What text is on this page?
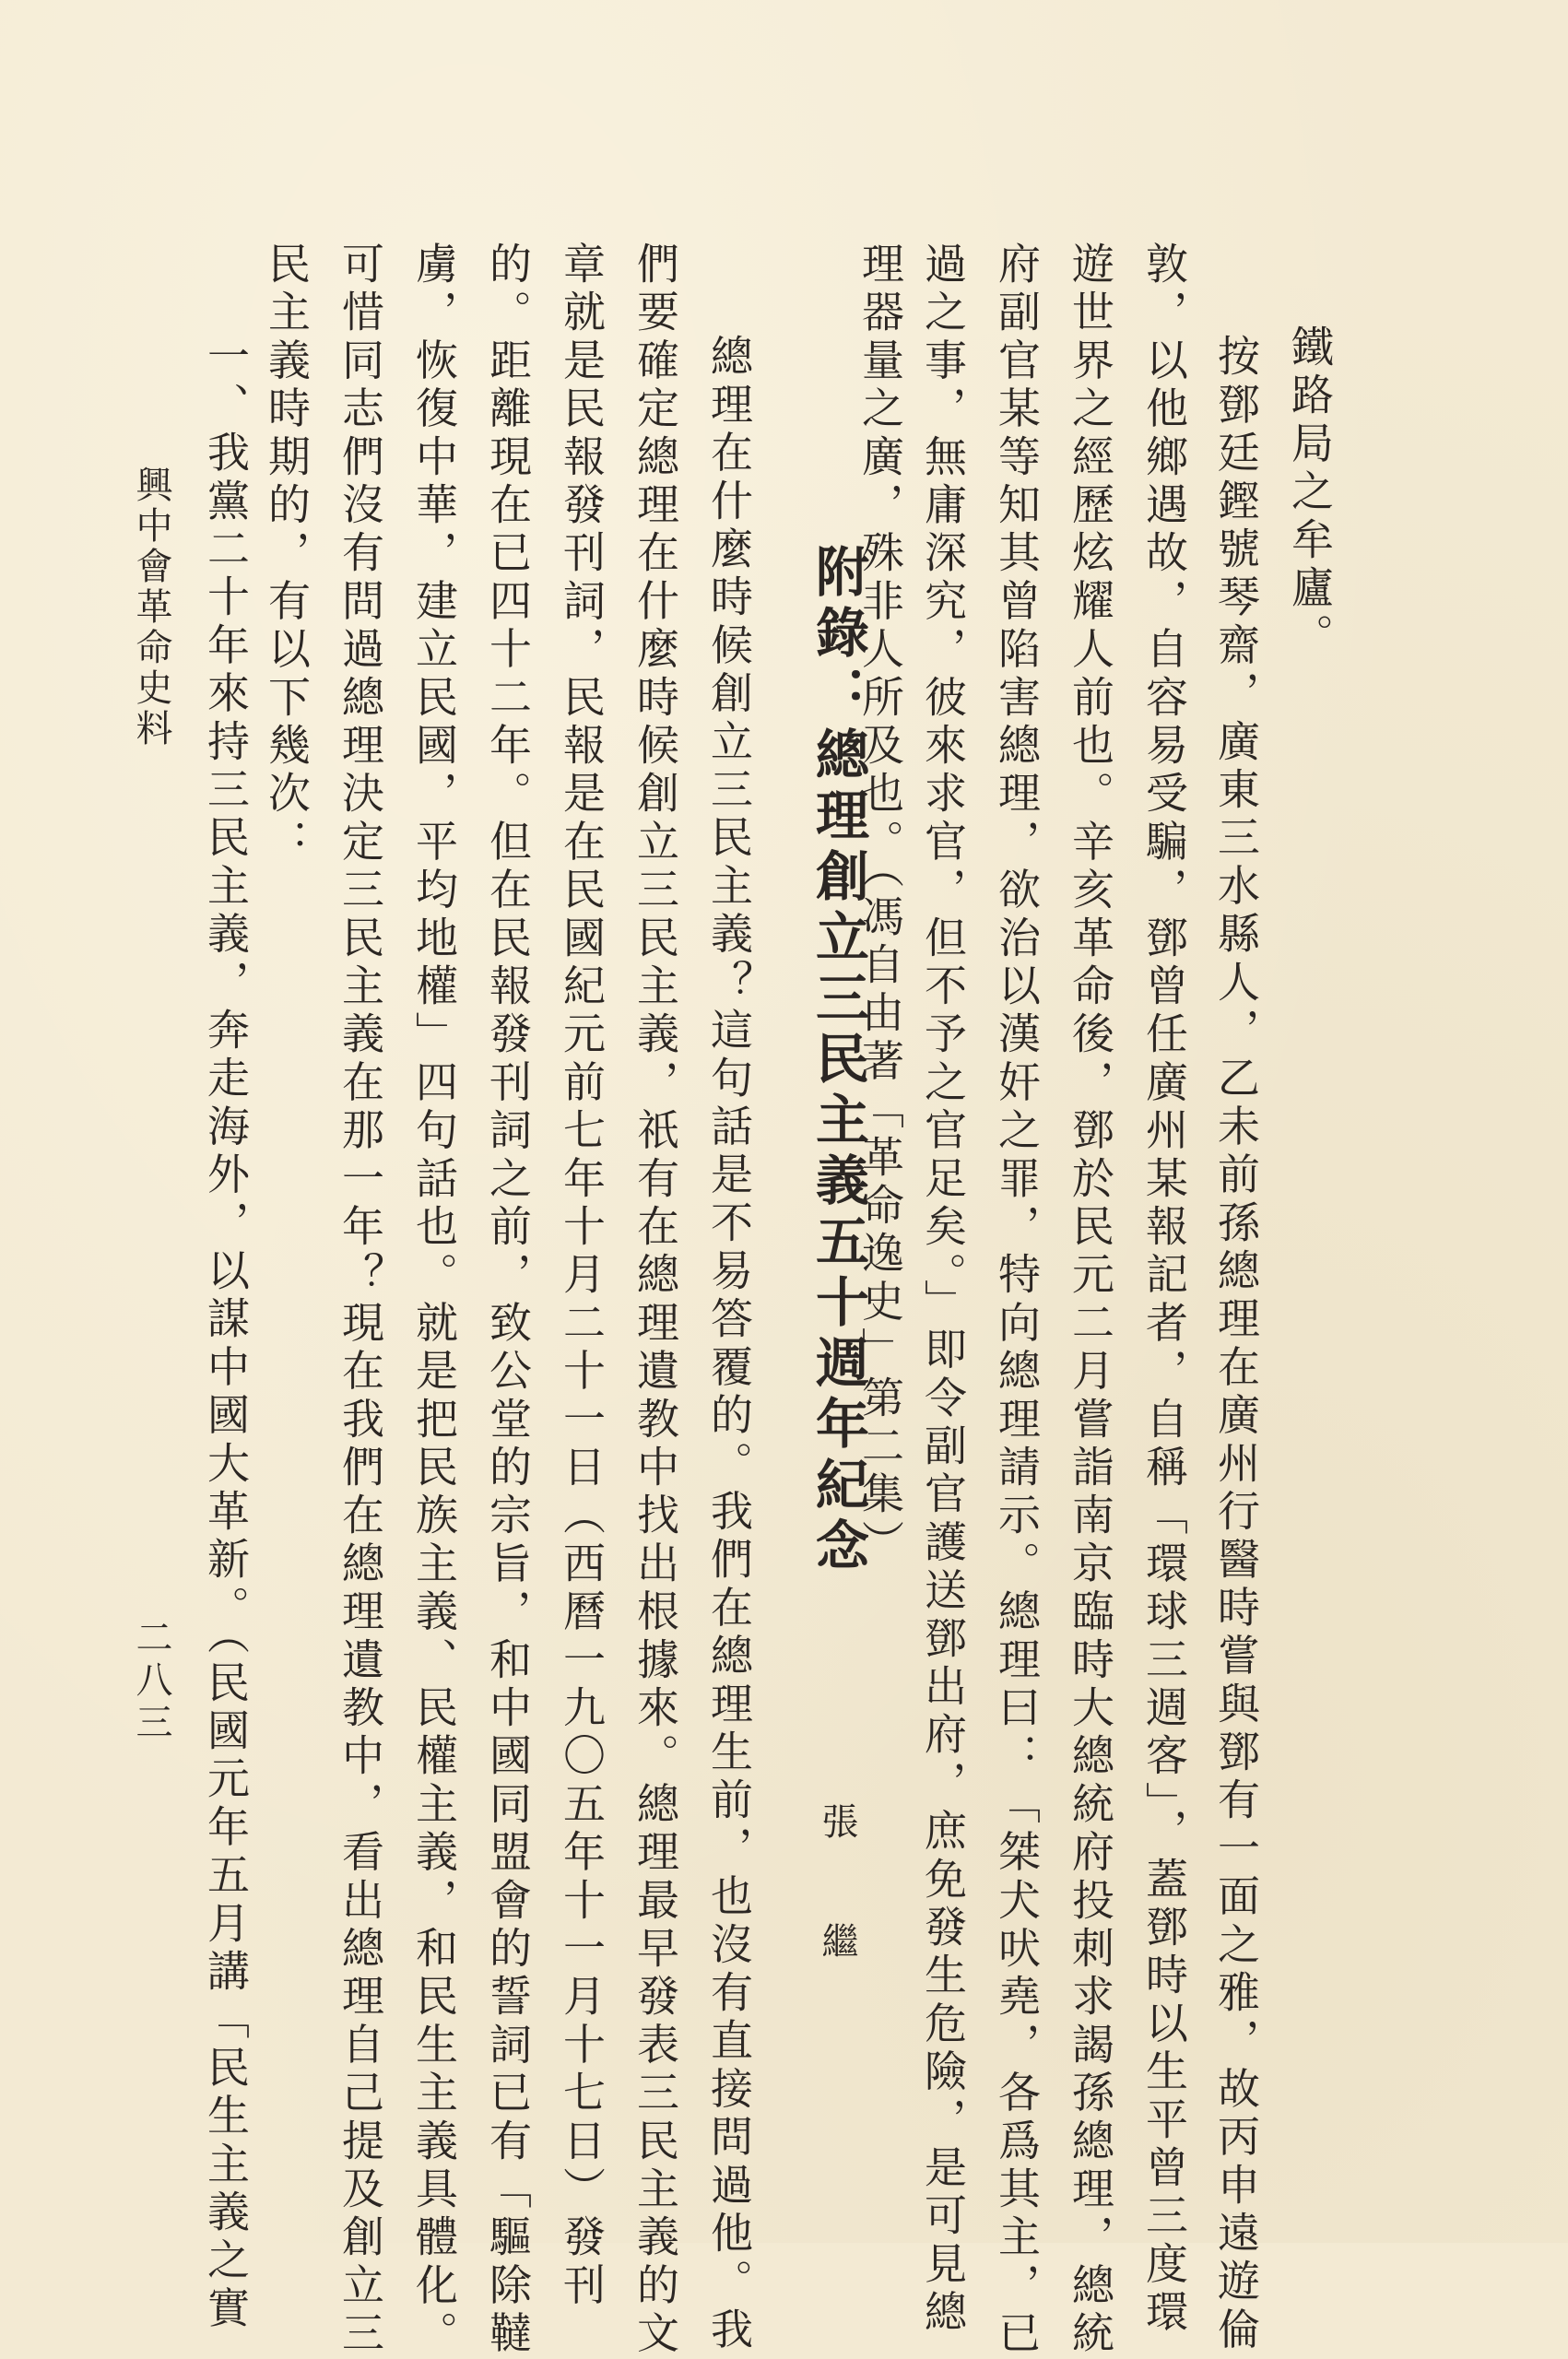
鐵路局之牟廬。
　按鄧廷鏗號琴齋，廣東三水縣人，乙未前孫總理在廣州行醫時嘗與鄧有一面之雅，故丙申遠遊倫
敦，以他鄉遇故，自容易受騙，鄧曾任廣州某報記者，自稱「環球三週客」，蓋鄧時以生平曾三度環
遊世界之經歷炫耀人前也。辛亥革命後，鄧於民元二月嘗詣南京臨時大總統府投刺求謁孫總理，總統
府副官某等知其曾陷害總理，欲治以漢奸之罪，特向總理請示。總理曰：「桀犬吠堯，各爲其主，已
過之事，無庸深究，彼來求官，但不予之官足矣。」即令副官護送鄧出府，庶免發生危險，是可見總
理器量之廣，殊非人所及也。（馮自由著「革命逸史」第二集）
附錄：總理創立三民主義五十週年紀念
張繼
　總理在什麼時候創立三民主義？這句話是不易答覆的。我們在總理生前，也沒有直接問過他。我
們要確定總理在什麼時候創立三民主義，祇有在總理遺教中找出根據來。總理最早發表三民主義的文
章就是民報發刊詞，民報是在民國紀元前七年十月二十一日（西曆一九〇五年十一月十七日）發刊
的。距離現在已四十二年。但在民報發刊詞之前，致公堂的宗旨，和中國同盟會的誓詞已有「驅除韃
虜，恢復中華，建立民國，平均地權」四句話也。就是把民族主義、民權主義，和民生主義具體化。
可惜同志們沒有問過總理決定三民主義在那一年？現在我們在總理遺教中，看出總理自己提及創立三
民主義時期的，有以下幾次：
　一、我黨二十年來持三民主義，奔走海外，以謀中國大革新。（民國元年五月講「民生主義之實
興中會革命史料
二八三
